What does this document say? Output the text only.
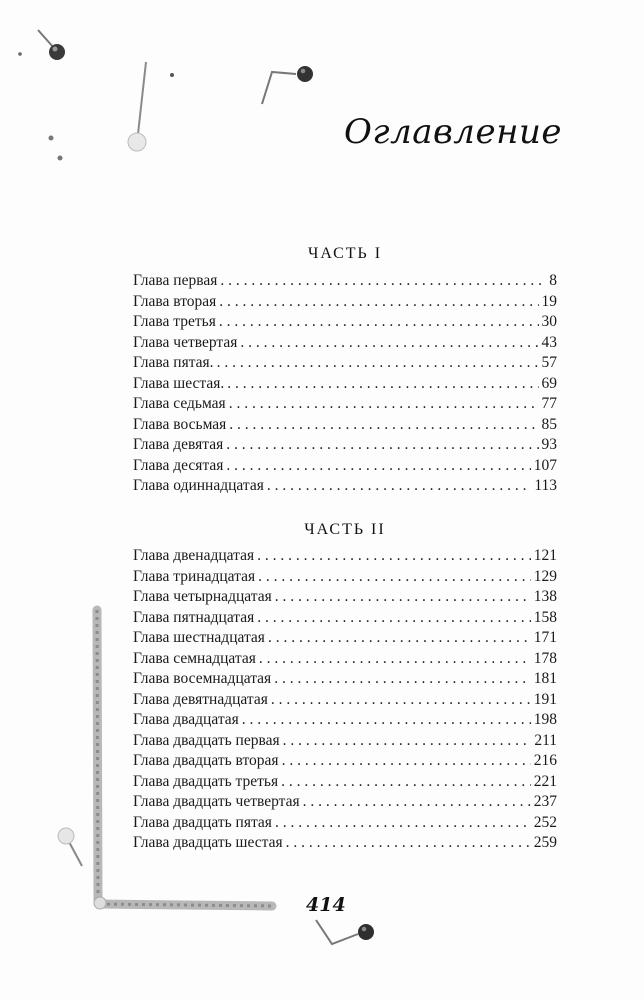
Оглавление
ЧАСТЬ I
Глава первая . . .	8
Глава вторая . . .	19
Глава третья . . .	30
Глава четвертая . . .	43
Глава пятая. . . .	57
Глава шестая. . . .	69
Глава седьмая . . .	77
Глава восьмая . . .	85
Глава девятая . . .	93
Глава десятая . . .	107
Глава одиннадцатая . . .	113
ЧАСТЬ II
Глава двенадцатая . . .	121
Глава тринадцатая . . .	129
Глава четырнадцатая . . .	138
Глава пятнадцатая . . .	158
Глава шестнадцатая . . .	171
Глава семнадцатая . . .	178
Глава восемнадцатая . . .	181
Глава девятнадцатая . . .	191
Глава двадцатая . . .	198
Глава двадцать первая . . .	211
Глава двадцать вторая . . .	216
Глава двадцать третья . . .	221
Глава двадцать четвертая . . .	237
Глава двадцать пятая . . .	252
Глава двадцать шестая . . .	259
414
